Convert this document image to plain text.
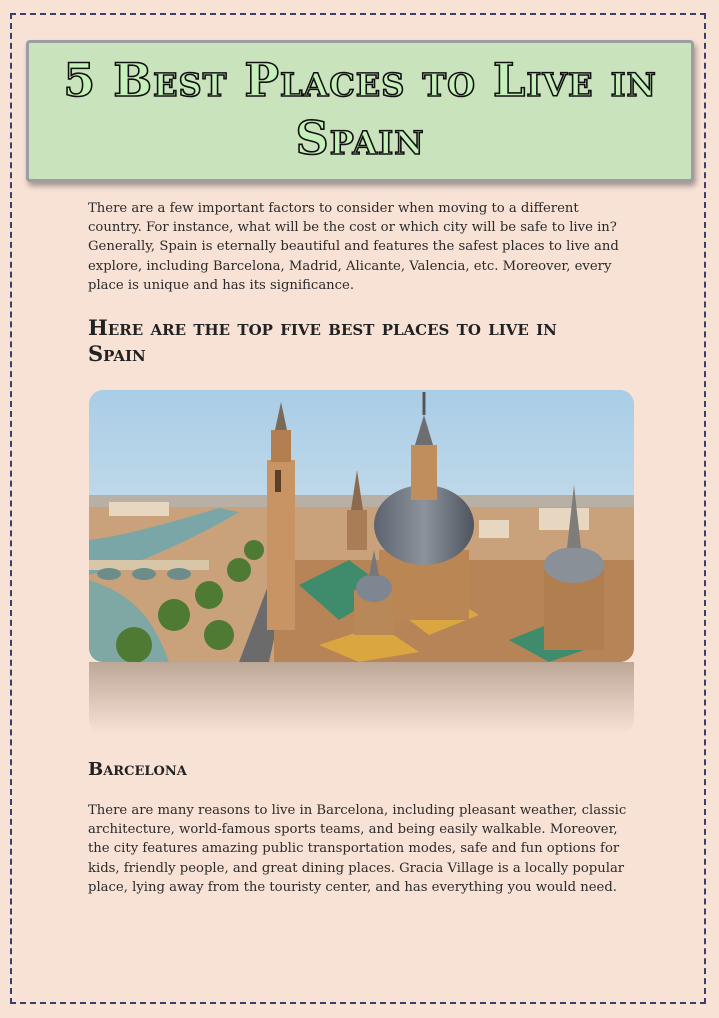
5 Best Places to Live in Spain

There are a few important factors to consider when moving to a different country. For instance, what will be the cost or which city will be safe to live in? Generally, Spain is eternally beautiful and features the safest places to live and explore, including Barcelona, Madrid, Alicante, Valencia, etc. Moreover, every place is unique and has its significance.

Here are the top five best places to live in Spain
Barcelona

There are many reasons to live in Barcelona, including pleasant weather, classic architecture, world-famous sports teams, and being easily walkable. Moreover, the city features amazing public transportation modes, safe and fun options for kids, friendly people, and great dining places. Gracia Village is a locally popular place, lying away from the touristy center, and has everything you would need.
